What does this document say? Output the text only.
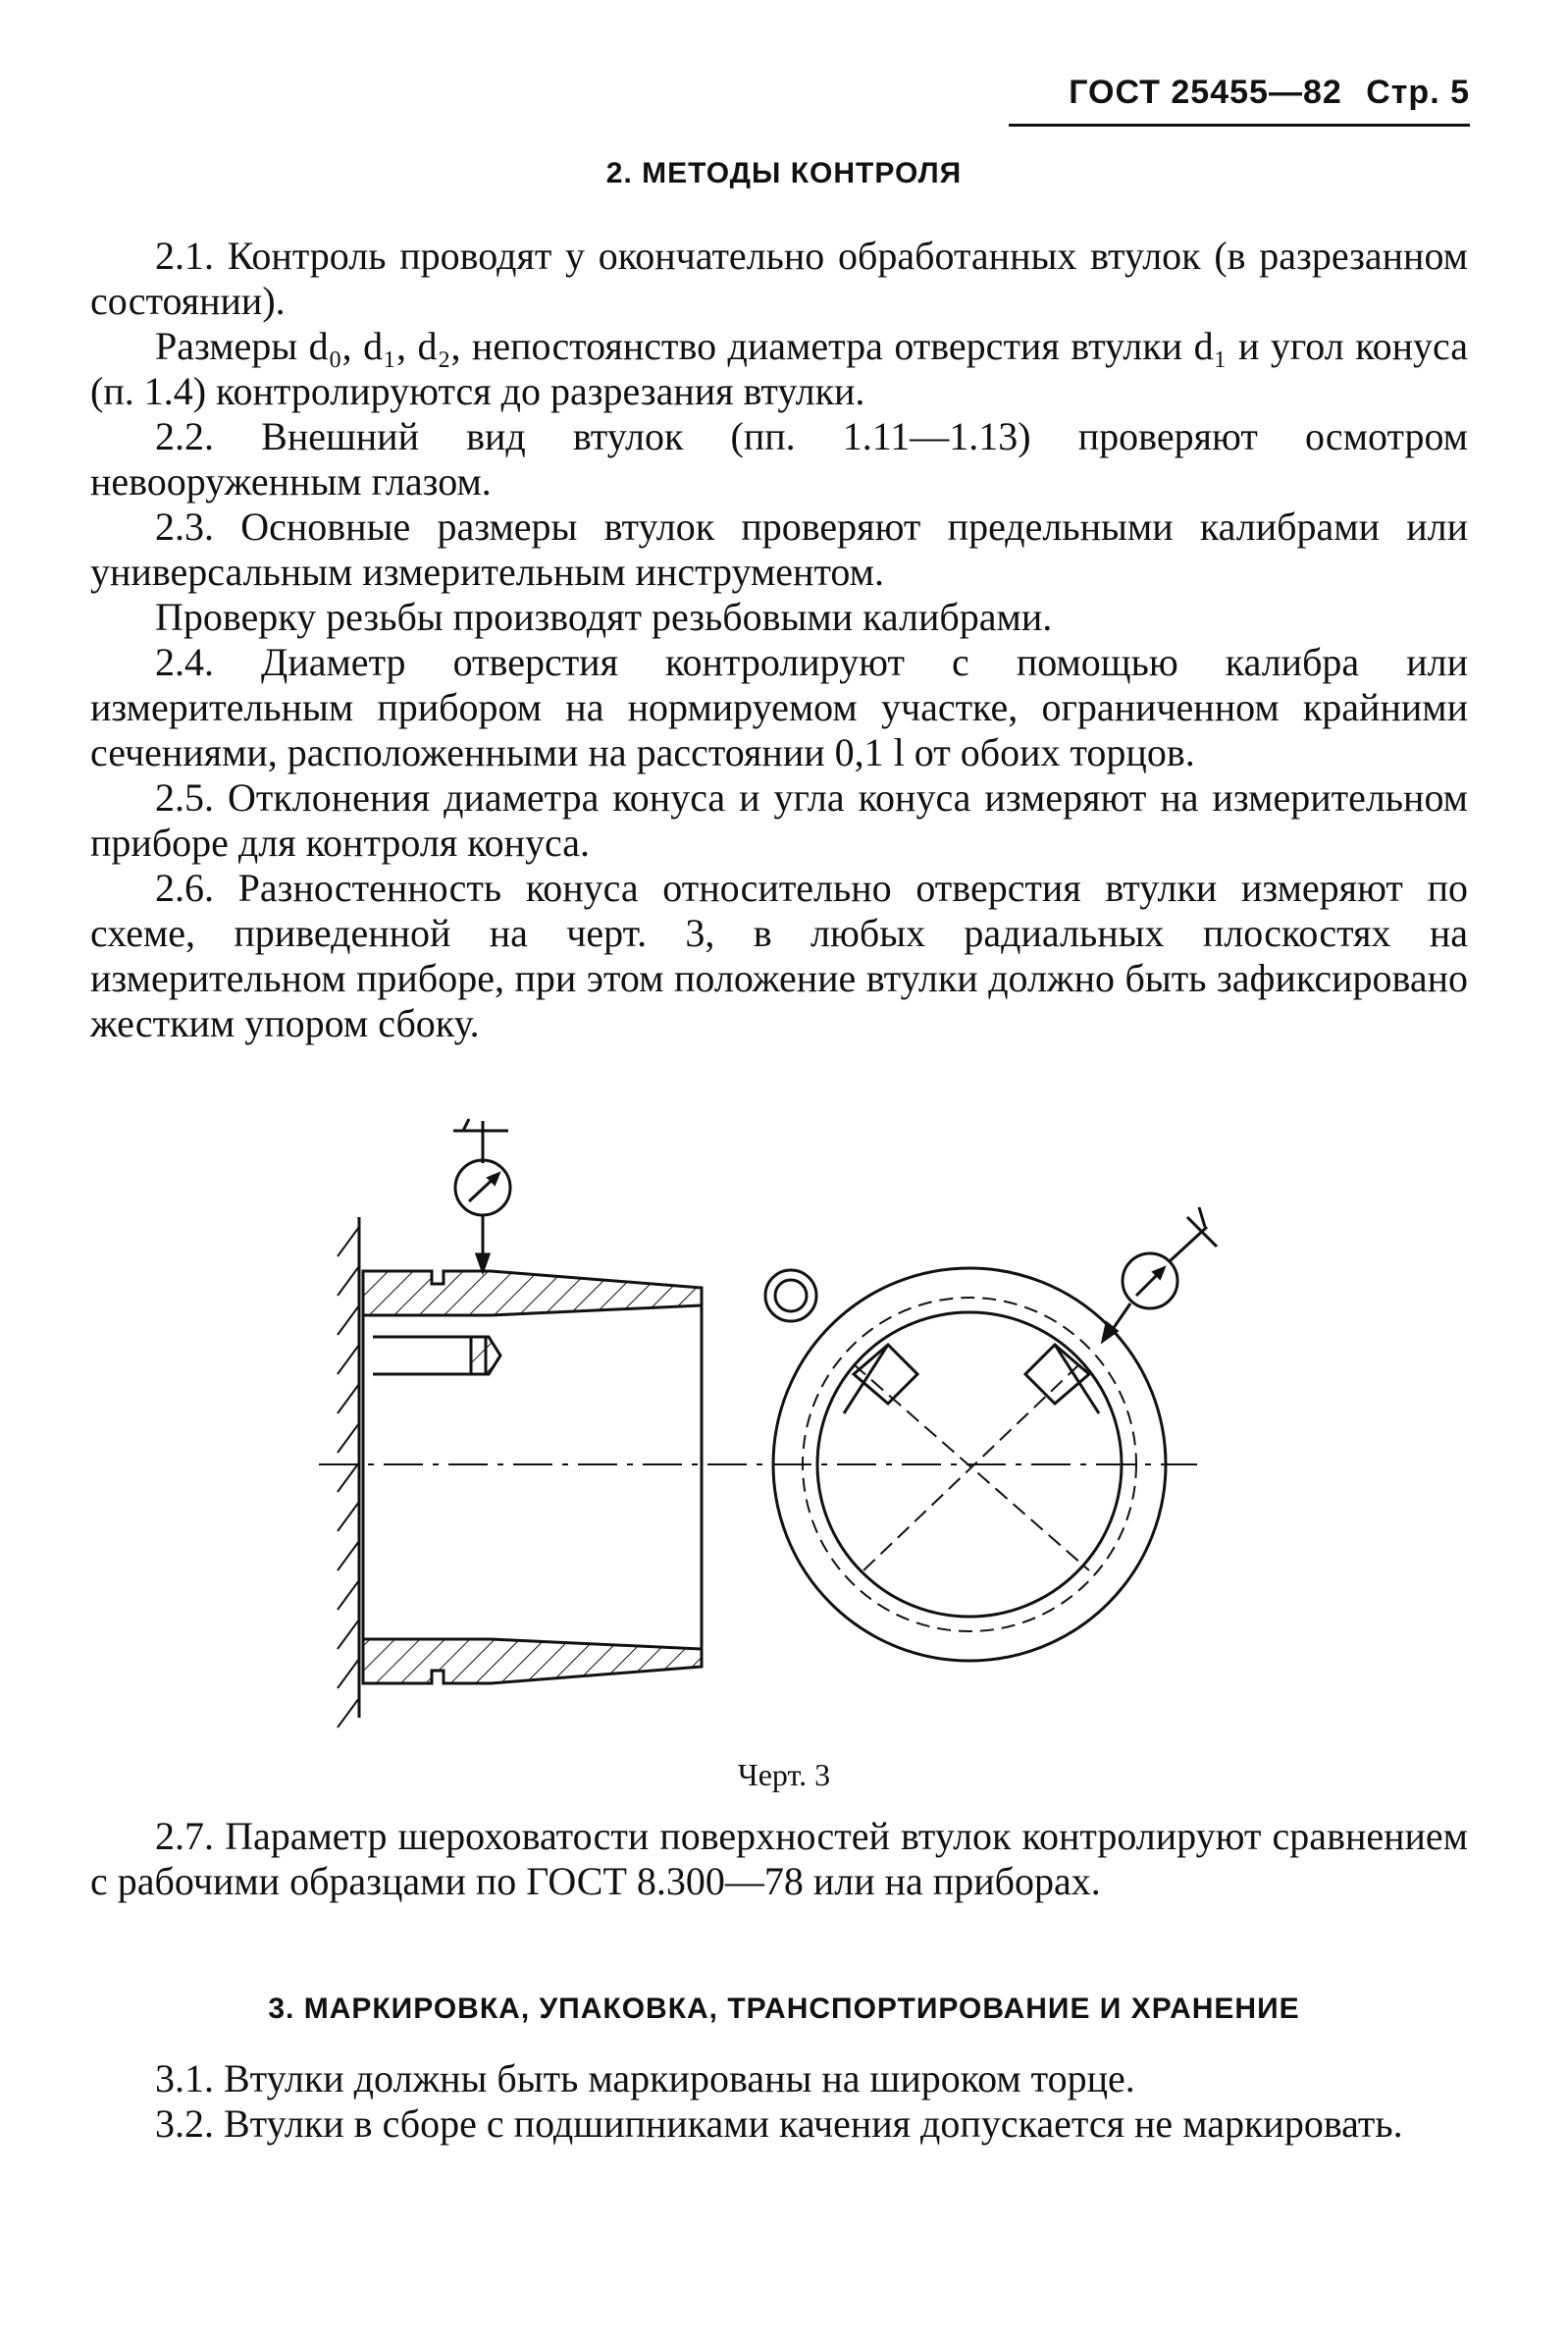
ГОСТ 25455—82 Стр. 5
2. МЕТОДЫ КОНТРОЛЯ

2.1. Контроль проводят у окончательно обработанных втулок (в разрезанном состоянии).

Размеры d₀, d₁, d₂, непостоянство диаметра отверстия втулки d₁ и угол конуса (п. 1.4) контролируются до разрезания втулки.

2.2. Внешний вид втулок (пп. 1.11—1.13) проверяют осмотром невооруженным глазом.

2.3. Основные размеры втулок проверяют предельными калибрами или универсальным измерительным инструментом.

Проверку резьбы производят резьбовыми калибрами.

2.4. Диаметр отверстия контролируют с помощью калибра или измерительным прибором на нормируемом участке, ограниченном крайними сечениями, расположенными на расстоянии 0,1 l от обоих торцов.

2.5. Отклонения диаметра конуса и угла конуса измеряют на измерительном приборе для контроля конуса.

2.6. Разностенность конуса относительно отверстия втулки измеряют по схеме, приведенной на черт. 3, в любых радиальных плоскостях на измерительном приборе, при этом положение втулки должно быть зафиксировано жестким упором сбоку.

Черт. 3

2.7. Параметр шероховатости поверхностей втулок контролируют сравнением с рабочими образцами по ГОСТ 8.300—78 или на приборах.

3. МАРКИРОВКА, УПАКОВКА, ТРАНСПОРТИРОВАНИЕ И ХРАНЕНИЕ

3.1. Втулки должны быть маркированы на широком торце.

3.2. Втулки в сборе с подшипниками качения допускается не маркировать.
